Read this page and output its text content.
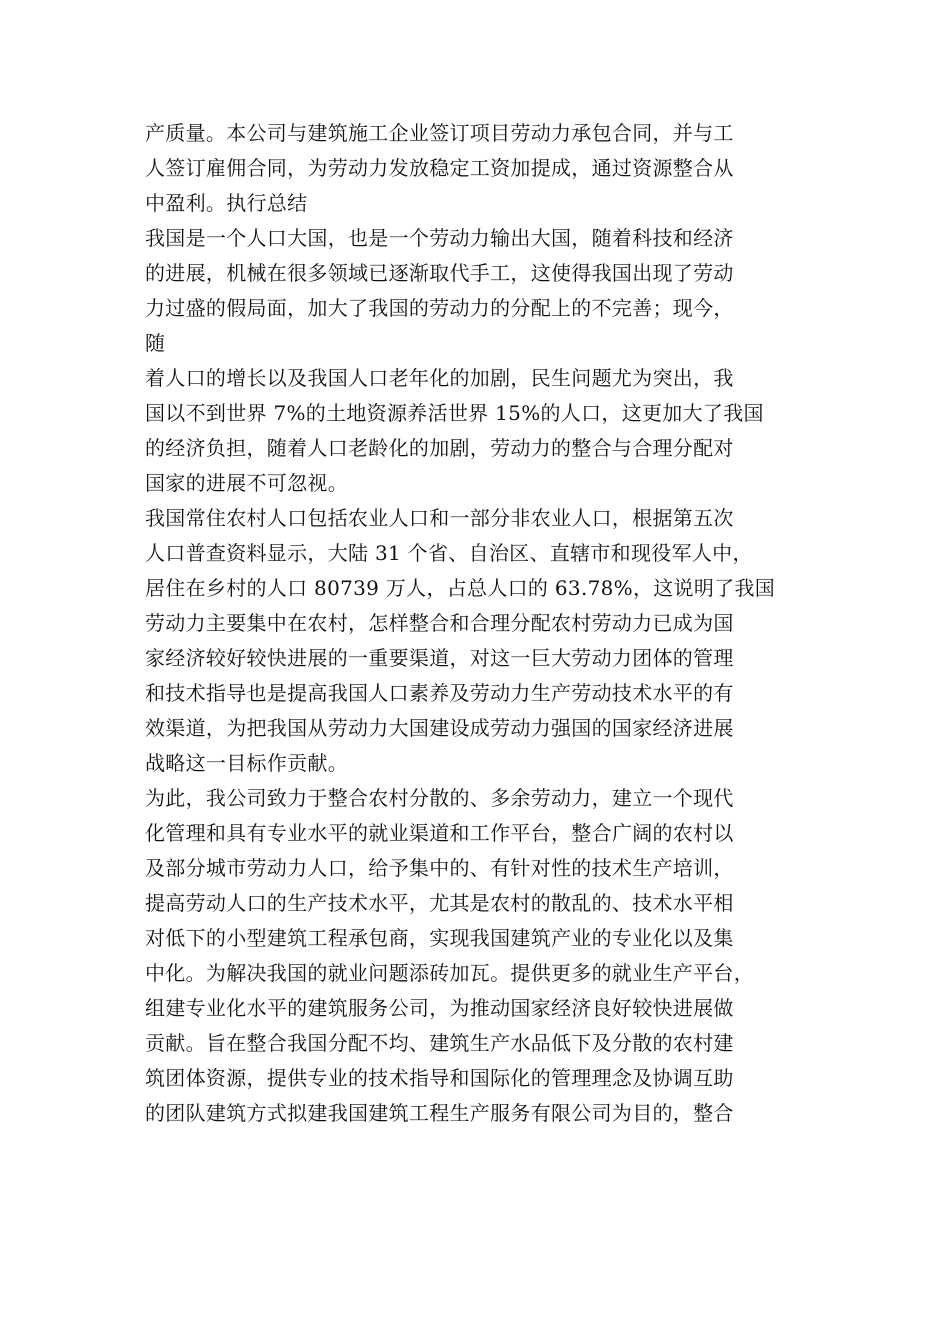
产质量。本公司与建筑施工企业签订项目劳动力承包合同，并与工
人签订雇佣合同，为劳动力发放稳定工资加提成，通过资源整合从
中盈利。执行总结
我国是一个人口大国，也是一个劳动力输出大国，随着科技和经济
的进展，机械在很多领域已逐渐取代手工，这使得我国出现了劳动
力过盛的假局面，加大了我国的劳动力的分配上的不完善；现今，
随
着人口的增长以及我国人口老年化的加剧，民生问题尤为突出，我
国以不到世界 7%的土地资源养活世界 15%的人口，这更加大了我国
的经济负担，随着人口老龄化的加剧，劳动力的整合与合理分配对
国家的进展不可忽视。
我国常住农村人口包括农业人口和一部分非农业人口，根据第五次
人口普查资料显示，大陆 31 个省、自治区、直辖市和现役军人中，
居住在乡村的人口 80739 万人，占总人口的 63.78%，这说明了我国
劳动力主要集中在农村，怎样整合和合理分配农村劳动力已成为国
家经济较好较快进展的一重要渠道，对这一巨大劳动力团体的管理
和技术指导也是提高我国人口素养及劳动力生产劳动技术水平的有
效渠道，为把我国从劳动力大国建设成劳动力强国的国家经济进展
战略这一目标作贡献。
为此，我公司致力于整合农村分散的、多余劳动力，建立一个现代
化管理和具有专业水平的就业渠道和工作平台，整合广阔的农村以
及部分城市劳动力人口，给予集中的、有针对性的技术生产培训，
提高劳动人口的生产技术水平，尤其是农村的散乱的、技术水平相
对低下的小型建筑工程承包商，实现我国建筑产业的专业化以及集
中化。为解决我国的就业问题添砖加瓦。提供更多的就业生产平台，
组建专业化水平的建筑服务公司，为推动国家经济良好较快进展做
贡献。旨在整合我国分配不均、建筑生产水品低下及分散的农村建
筑团体资源，提供专业的技术指导和国际化的管理理念及协调互助
的团队建筑方式拟建我国建筑工程生产服务有限公司为目的，整合
